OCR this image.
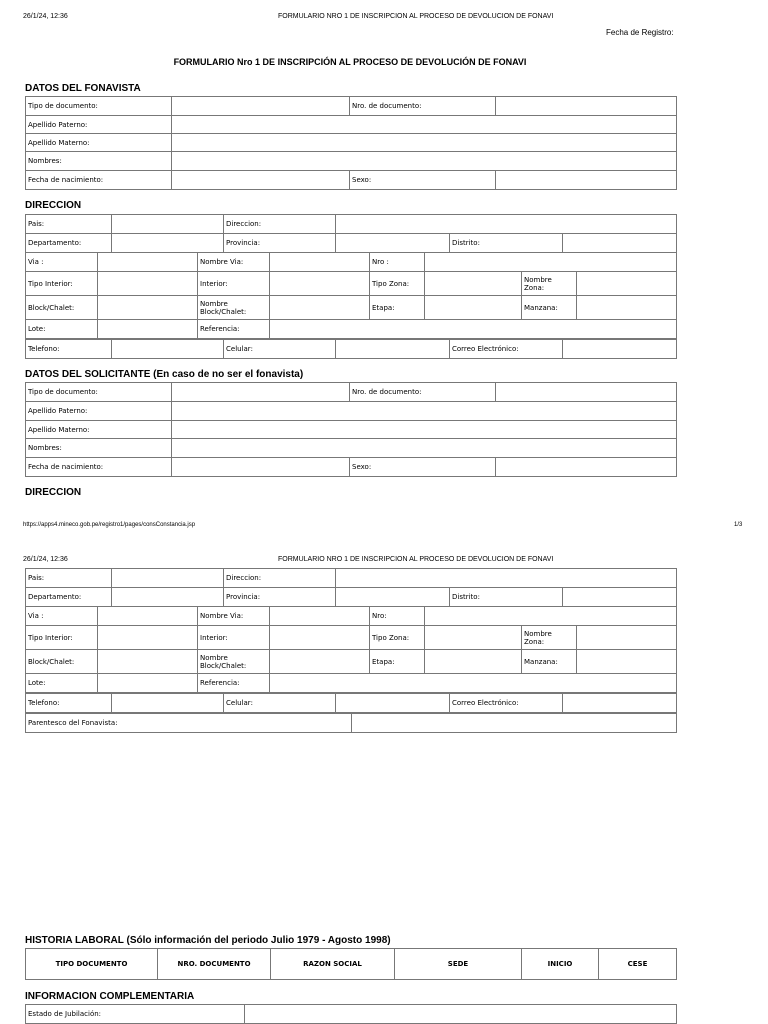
26/1/24, 12:36	FORMULARIO NRO 1 DE INSCRIPCION AL PROCESO DE DEVOLUCION DE FONAVI
Fecha de Registro:
FORMULARIO Nro 1 DE INSCRIPCIÓN AL PROCESO DE DEVOLUCIÓN DE FONAVI
DATOS DEL FONAVISTA
Tipo de documento:		Nro. de documento:	
Apellido Paterno:			
Apellido Materno:			
Nombres:			
Fecha de nacimiento:		Sexo:	
DIRECCION
Pais:		Direccion:			
Departamento:		Provincia:		Distrito:	
Via :		Nombre Via:		Nro :			
Tipo Interior:		Interior:		Tipo Zona:		Nombre Zona:	
Block/Chalet:		Nombre Block/Chalet:		Etapa:		Manzana:	
Lote:		Referencia:					
Telefono:		Celular:		Correo Electrónico:	
DATOS DEL SOLICITANTE (En caso de no ser el fonavista)
Tipo de documento:		Nro. de documento:	
Apellido Paterno:			
Apellido Materno:			
Nombres:			
Fecha de nacimiento:		Sexo:	
DIRECCION
https://apps4.mineco.gob.pe/registro1/pages/consConstancia.jsp	1/3
26/1/24, 12:36	FORMULARIO NRO 1 DE INSCRIPCION AL PROCESO DE DEVOLUCION DE FONAVI
Pais:		Direccion:			
Departamento:		Provincia:		Distrito:	
Via :		Nombre Via:		Nro:			
Tipo Interior:		Interior:		Tipo Zona:		Nombre Zona:	
Block/Chalet:		Nombre Block/Chalet:		Etapa:		Manzana:	
Lote:		Referencia:					
Telefono:		Celular:		Correo Electrónico:	
Parentesco del Fonavista:	
HISTORIA LABORAL (Sólo información del periodo Julio 1979 - Agosto 1998)
TIPO DOCUMENTO	NRO. DOCUMENTO	RAZON SOCIAL	SEDE	INICIO	CESE
INFORMACION COMPLEMENTARIA
Estado de Jubilación:	
